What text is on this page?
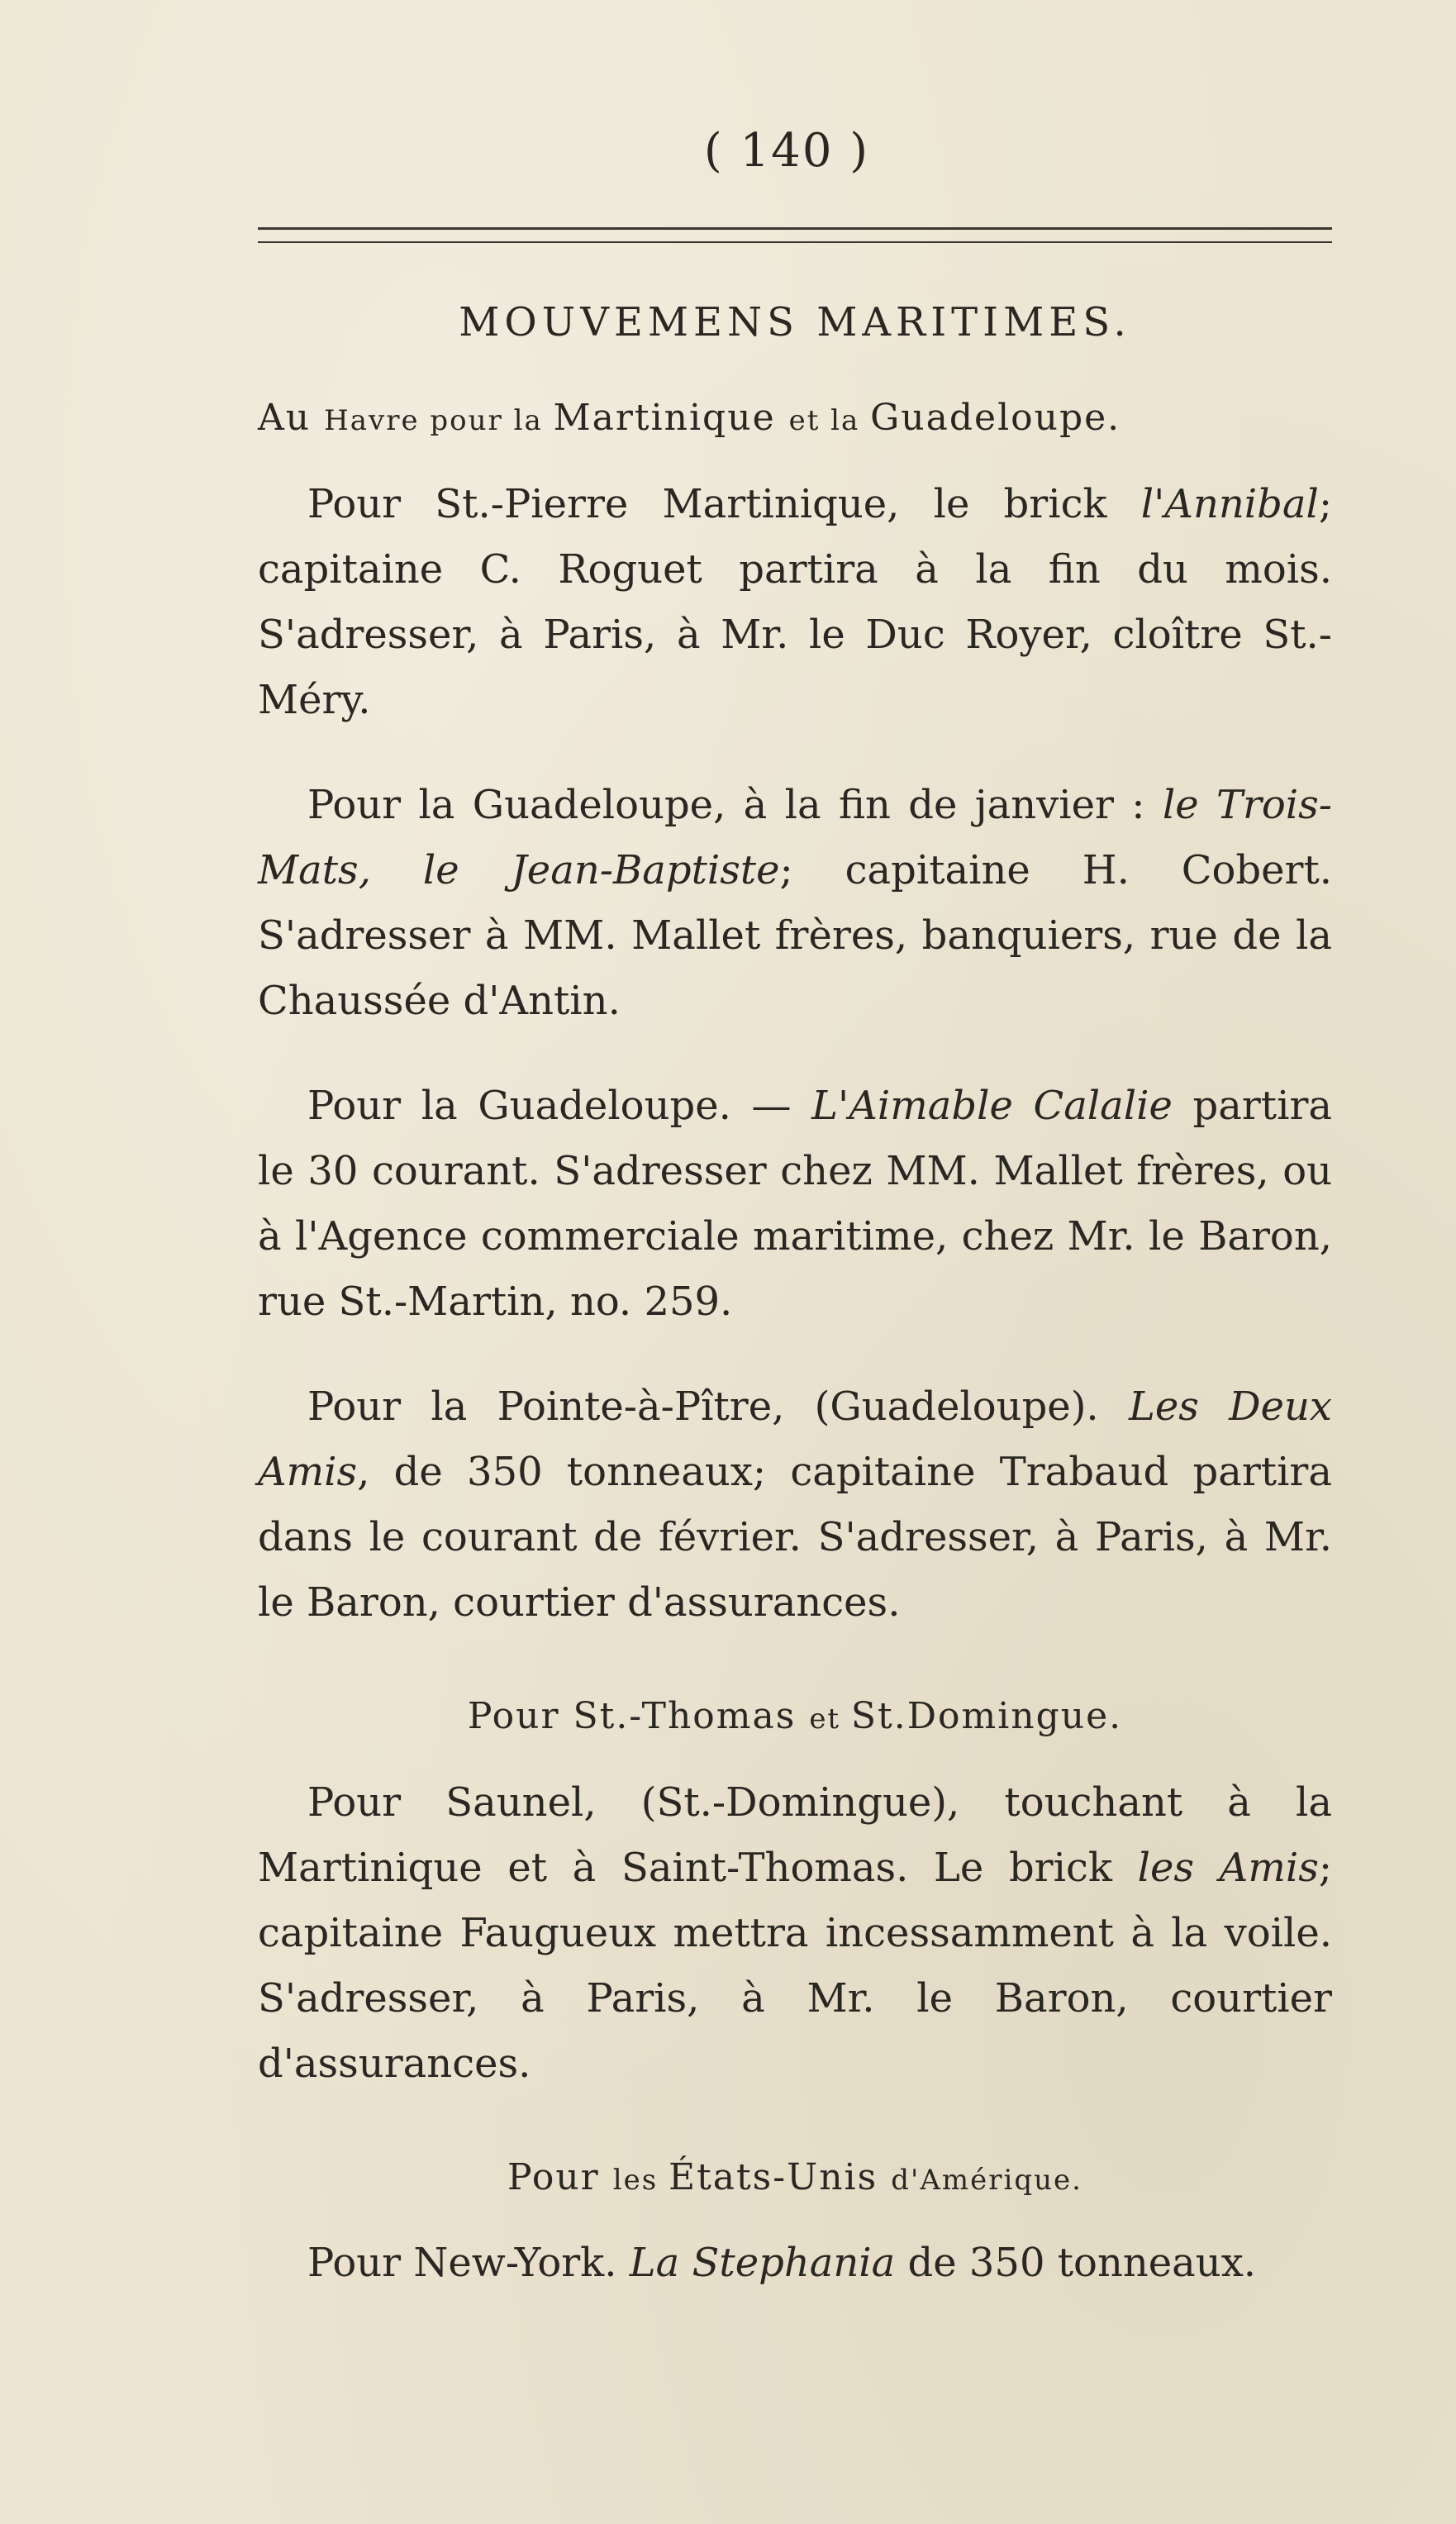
( 140 )
MOUVEMENS MARITIMES.
Au Havre pour la Martinique et la Guadeloupe.

Pour St.-Pierre Martinique, le brick l'Annibal; capitaine C. Roguet partira à la fin du mois. S'adresser, à Paris, à Mr. le Duc Royer, cloître St.-Méry.

Pour la Guadeloupe, à la fin de janvier : le Trois-Mats, le Jean-Baptiste; capitaine H. Cobert. S'adresser à MM. Mallet frères, banquiers, rue de la Chaussée d'Antin.

Pour la Guadeloupe. — L'Aimable Calalie partira le 30 courant. S'adresser chez MM. Mallet frères, ou à l'Agence commerciale maritime, chez Mr. le Baron, rue St.-Martin, no. 259.

Pour la Pointe-à-Pître, (Guadeloupe). Les Deux Amis, de 350 tonneaux; capitaine Trabaud partira dans le courant de février. S'adresser, à Paris, à Mr. le Baron, courtier d'assurances.

Pour St.-Thomas et St.Domingue.

Pour Saunel, (St.-Domingue), touchant à la Martinique et à Saint-Thomas. Le brick les Amis; capitaine Faugueux mettra incessamment à la voile. S'adresser, à Paris, à Mr. le Baron, courtier d'assurances.

Pour les États-Unis d'Amérique.

Pour New-York. La Stephania de 350 tonneaux.
